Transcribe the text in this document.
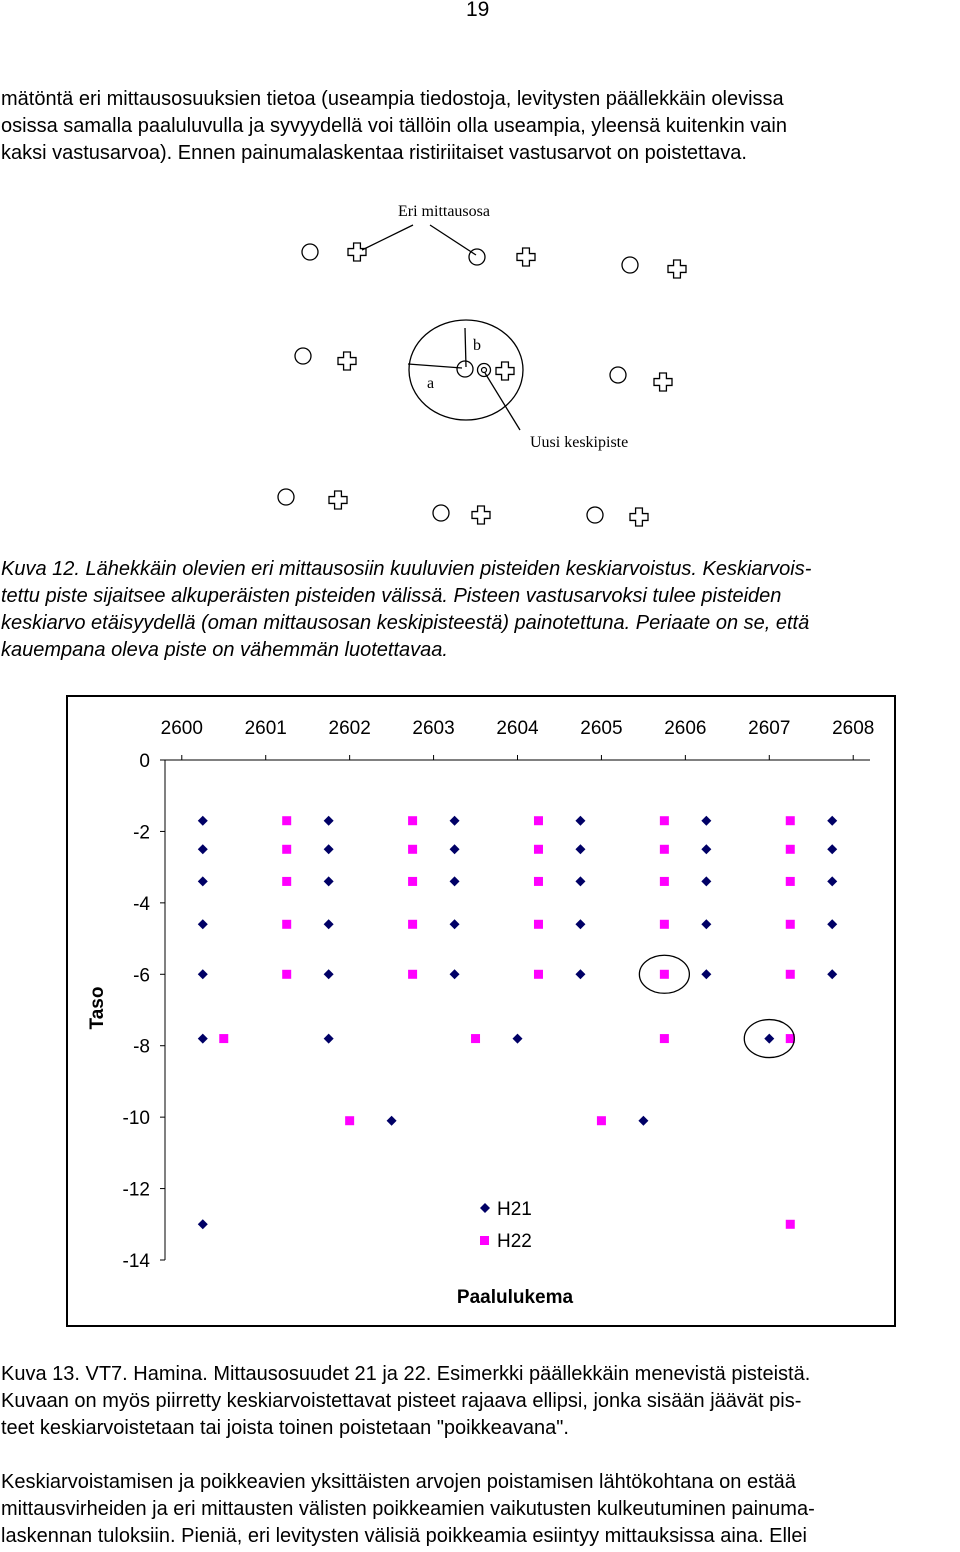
19

mätöntä eri mittausosuuksien tietoa (useampia tiedostoja, levitysten päällekkäin olevissa
osissa samalla paaluluvulla ja syvyydellä voi tällöin olla useampia, yleensä kuitenkin vain
kaksi vastusarvoa). Ennen painumalaskentaa ristiriitaiset vastusarvot on poistettava.

Eri mittausosa
a
b
Uusi keskipiste

Kuva 12. Lähekkäin olevien eri mittausosiin kuuluvien pisteiden keskiarvoistus. Keskiarvois-
tettu piste sijaitsee alkuperäisten pisteiden välissä. Pisteen vastusarvoksi tulee pisteiden
keskiarvo etäisyydellä (oman mittausosan keskipisteestä) painotettuna. Periaate on se, että
kauempana oleva piste on vähemmän luotettavaa.

2600 2601 2602 2603 2604 2605 2606 2607 2608
0
-2
-4
-6
-8
-10
-12
-14
H21
H22
Paalulukema
Taso

Kuva 13. VT7. Hamina. Mittausosuudet 21 ja 22. Esimerkki päällekkäin menevistä pisteistä.
Kuvaan on myös piirretty keskiarvoistettavat pisteet rajaava ellipsi, jonka sisään jäävät pis-
teet keskiarvoistetaan tai joista toinen poistetaan "poikkeavana".

Keskiarvoistamisen ja poikkeavien yksittäisten arvojen poistamisen lähtökohtana on estää
mittausvirheiden ja eri mittausten välisten poikkeamien vaikutusten kulkeutuminen painuma-
laskennan tuloksiin. Pieniä, eri levitysten välisiä poikkeamia esiintyy mittauksissa aina. Ellei
